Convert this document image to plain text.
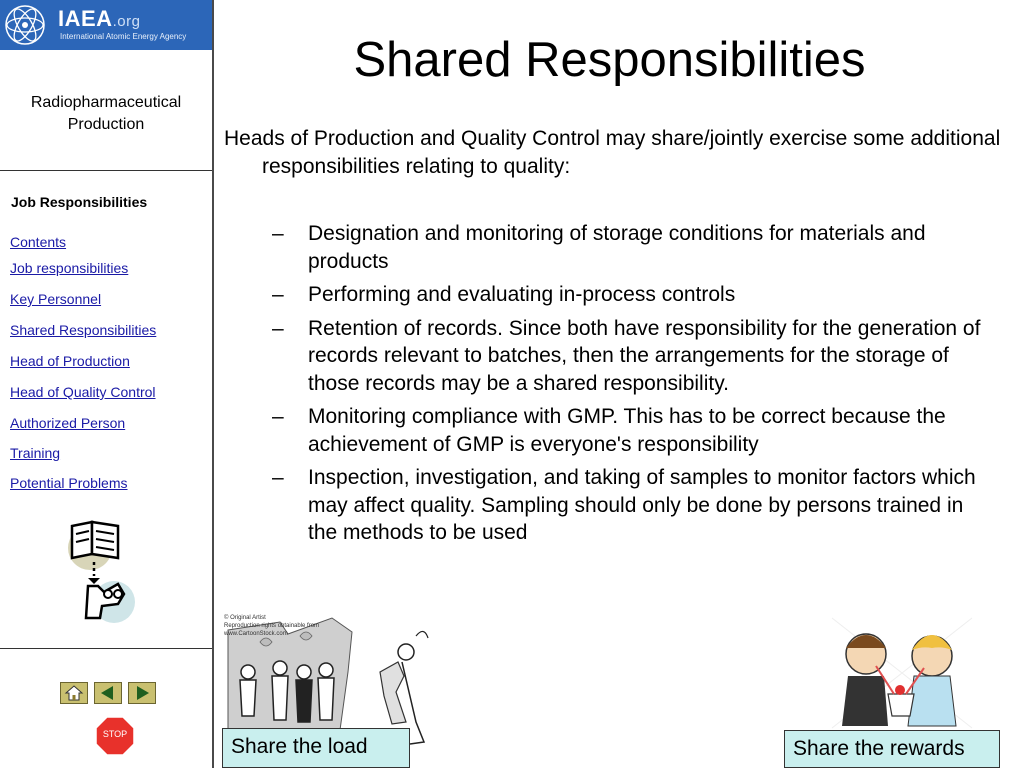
IAEA.org
International Atomic Energy Agency
Radiopharmaceutical Production
Job Responsibilities
Contents
Job responsibilities
Key Personnel
Shared Responsibilities
Head of Production
Head of Quality Control
Authorized Person
Training
Potential Problems
STOP
Shared Responsibilities
Heads of Production and Quality Control may share/jointly exercise some additional responsibilities relating to quality:
– Designation and monitoring of storage conditions for materials and products
– Performing and evaluating in-process controls
– Retention of records. Since both have responsibility for the generation of records relevant to batches, then the arrangements for the storage of those records may be a shared responsibility.
– Monitoring compliance with GMP. This has to be correct because the achievement of GMP is everyone's responsibility
– Inspection, investigation, and taking of samples to monitor factors which may affect quality. Sampling should only be done by persons trained in the methods to be used
© Original Artist
Reproduction rights obtainable from
www.CartoonStock.com
Share the load	Share the rewards
